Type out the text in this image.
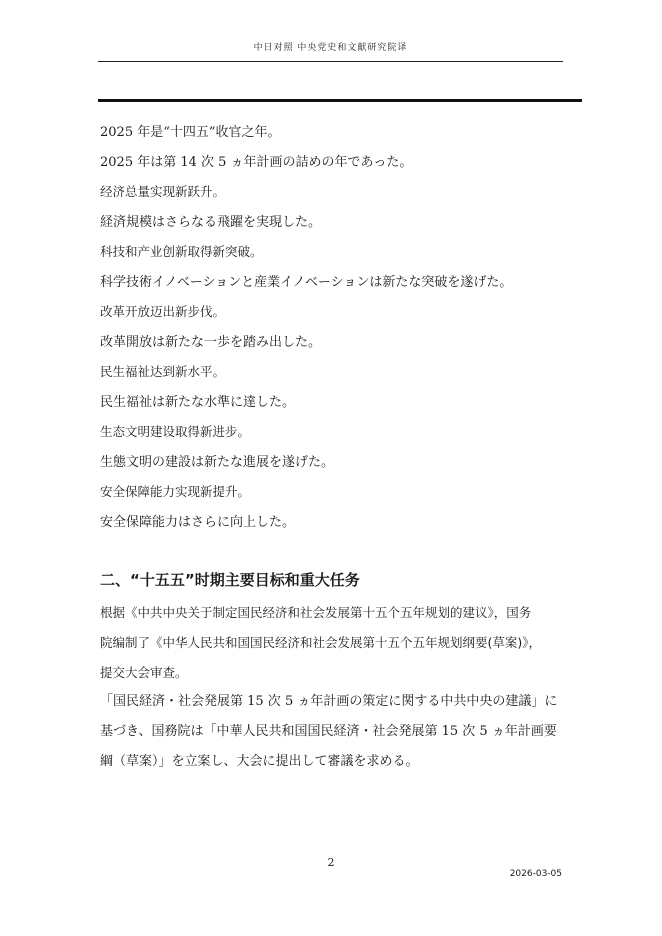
中日对照 中央党史和文献研究院译
2025 年是“十四五”收官之年。
2025 年は第 14 次 5 ヵ年計画の詰めの年であった。
经济总量实现新跃升。
経済規模はさらなる飛躍を実現した。
科技和产业创新取得新突破。
科学技術イノベーションと産業イノベーションは新たな突破を遂げた。
改革开放迈出新步伐。
改革開放は新たな一歩を踏み出した。
民生福祉达到新水平。
民生福祉は新たな水準に達した。
生态文明建设取得新进步。
生態文明の建設は新たな進展を遂げた。
安全保障能力实现新提升。
安全保障能力はさらに向上した。
二、“十五五”时期主要目标和重大任务
根据《中共中央关于制定国民经济和社会发展第十五个五年规划的建议》，国务
院编制了《中华人民共和国国民经济和社会发展第十五个五年规划纲要(草案)》，
提交大会审查。
「国民経済・社会発展第 15 次 5 ヵ年計画の策定に関する中共中央の建議」に
基づき、国務院は「中華人民共和国国民経済・社会発展第 15 次 5 ヵ年計画要
綱（草案）」を立案し、大会に提出して審議を求める。
2
2026-03-05
